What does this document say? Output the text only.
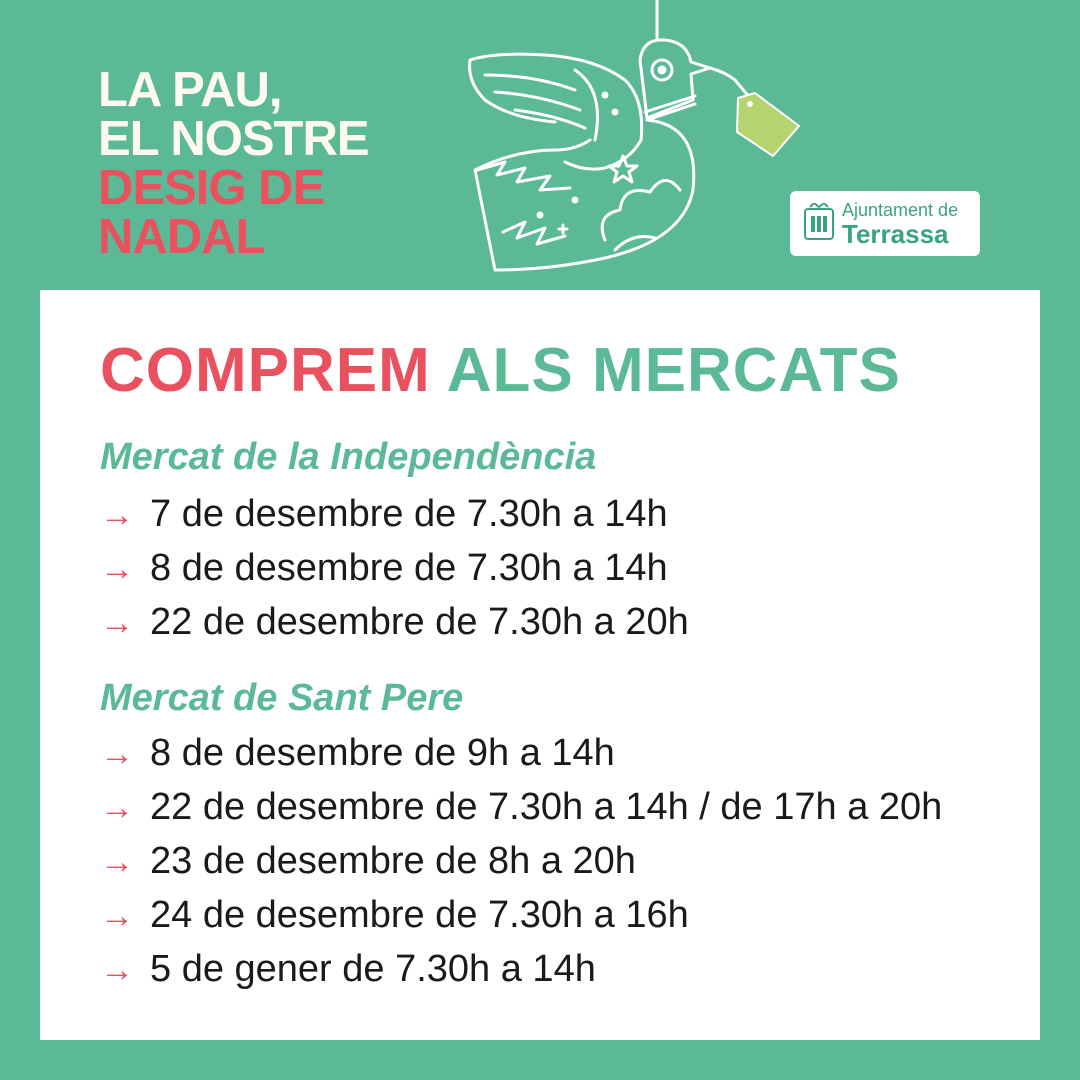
LA PAU,
EL NOSTRE
DESIG DE
NADAL	Ajuntament de
Terrassa
COMPREM ALS MERCATS
Mercat de la Independència
→ 7 de desembre de 7.30h a 14h
→ 8 de desembre de 7.30h a 14h
→ 22 de desembre de 7.30h a 20h
Mercat de Sant Pere
→ 8 de desembre de 9h a 14h
→ 22 de desembre de 7.30h a 14h / de 17h a 20h
→ 23 de desembre de 8h a 20h
→ 24 de desembre de 7.30h a 16h
→ 5 de gener de 7.30h a 14h
